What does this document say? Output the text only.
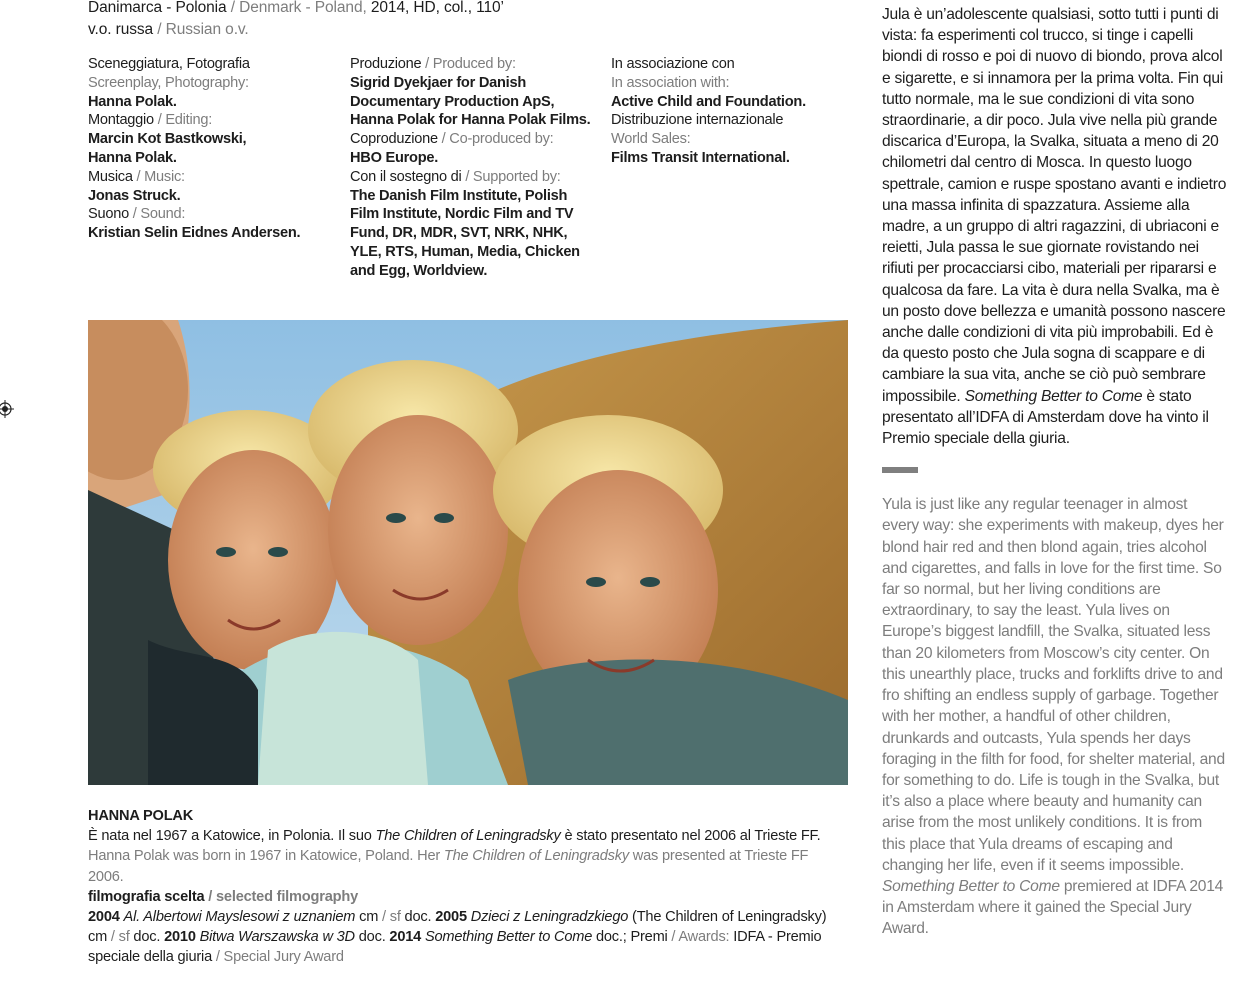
Danimarca - Polonia / Denmark - Poland, 2014, HD, col., 110’
v.o. russa / Russian o.v.
Sceneggiatura, Fotografia
Screenplay, Photography:
Hanna Polak.
Montaggio / Editing:
Marcin Kot Bastkowski,
Hanna Polak.
Musica / Music:
Jonas Struck.
Suono / Sound:
Kristian Selin Eidnes Andersen.
Produzione / Produced by:
Sigrid Dyekjaer for Danish
Documentary Production ApS,
Hanna Polak for Hanna Polak Films.
Coproduzione / Co-produced by:
HBO Europe.
Con il sostegno di / Supported by:
The Danish Film Institute, Polish
Film Institute, Nordic Film and TV
Fund, DR, MDR, SVT, NRK, NHK,
YLE, RTS, Human, Media, Chicken
and Egg, Worldview.
In associazione con
In association with:
Active Child and Foundation.
Distribuzione internazionale
World Sales:
Films Transit International.

HANNA POLAK

È nata nel 1967 a Katowice, in Polonia. Il suo The Children of Leningradsky è stato presentato nel 2006 al Trieste FF.

Hanna Polak was born in 1967 in Katowice, Poland. Her The Children of Leningradsky was presented at Trieste FF 2006.

filmografia scelta / selected filmography

2004 Al. Albertowi Mayslesowi z uznaniem cm / sf doc. 2005 Dzieci z Leningradzkiego (The Children of Leningradsky) cm / sf doc. 2010 Bitwa Warszawska w 3D doc. 2014 Something Better to Come doc.; Premi / Awards: IDFA - Premio speciale della giuria / Special Jury Award

Jula è un’adolescente qualsiasi, sotto tutti i punti di vista: fa esperimenti col trucco, si tinge i capelli biondi di rosso e poi di nuovo di biondo, prova alcol e sigarette, e si innamora per la prima volta. Fin qui tutto normale, ma le sue condizioni di vita sono straordinarie, a dir poco. Jula vive nella più grande discarica d’Europa, la Svalka, situata a meno di 20 chilometri dal centro di Mosca. In questo luogo spettrale, camion e ruspe spostano avanti e indietro una massa infinita di spazzatura. Assieme alla madre, a un gruppo di altri ragazzini, di ubriaconi e reietti, Jula passa le sue giornate rovistando nei rifiuti per procacciarsi cibo, materiali per ripararsi e qualcosa da fare. La vita è dura nella Svalka, ma è un posto dove bellezza e umanità possono nascere anche dalle condizioni di vita più improbabili. Ed è da questo posto che Jula sogna di scappare e di cambiare la sua vita, anche se ciò può sembrare impossibile. Something Better to Come è stato presentato all’IDFA di Amsterdam dove ha vinto il Premio speciale della giuria.

Yula is just like any regular teenager in almost every way: she experiments with makeup, dyes her blond hair red and then blond again, tries alcohol and cigarettes, and falls in love for the first time. So far so normal, but her living conditions are extraordinary, to say the least. Yula lives on Europe’s biggest landfill, the Svalka, situated less than 20 kilometers from Moscow’s city center. On this unearthly place, trucks and forklifts drive to and fro shifting an endless supply of garbage. Together with her mother, a handful of other children, drunkards and outcasts, Yula spends her days foraging in the filth for food, for shelter material, and for something to do. Life is tough in the Svalka, but it’s also a place where beauty and humanity can arise from the most unlikely conditions. It is from this place that Yula dreams of escaping and changing her life, even if it seems impossible. Something Better to Come premiered at IDFA 2014 in Amsterdam where it gained the Special Jury Award.
